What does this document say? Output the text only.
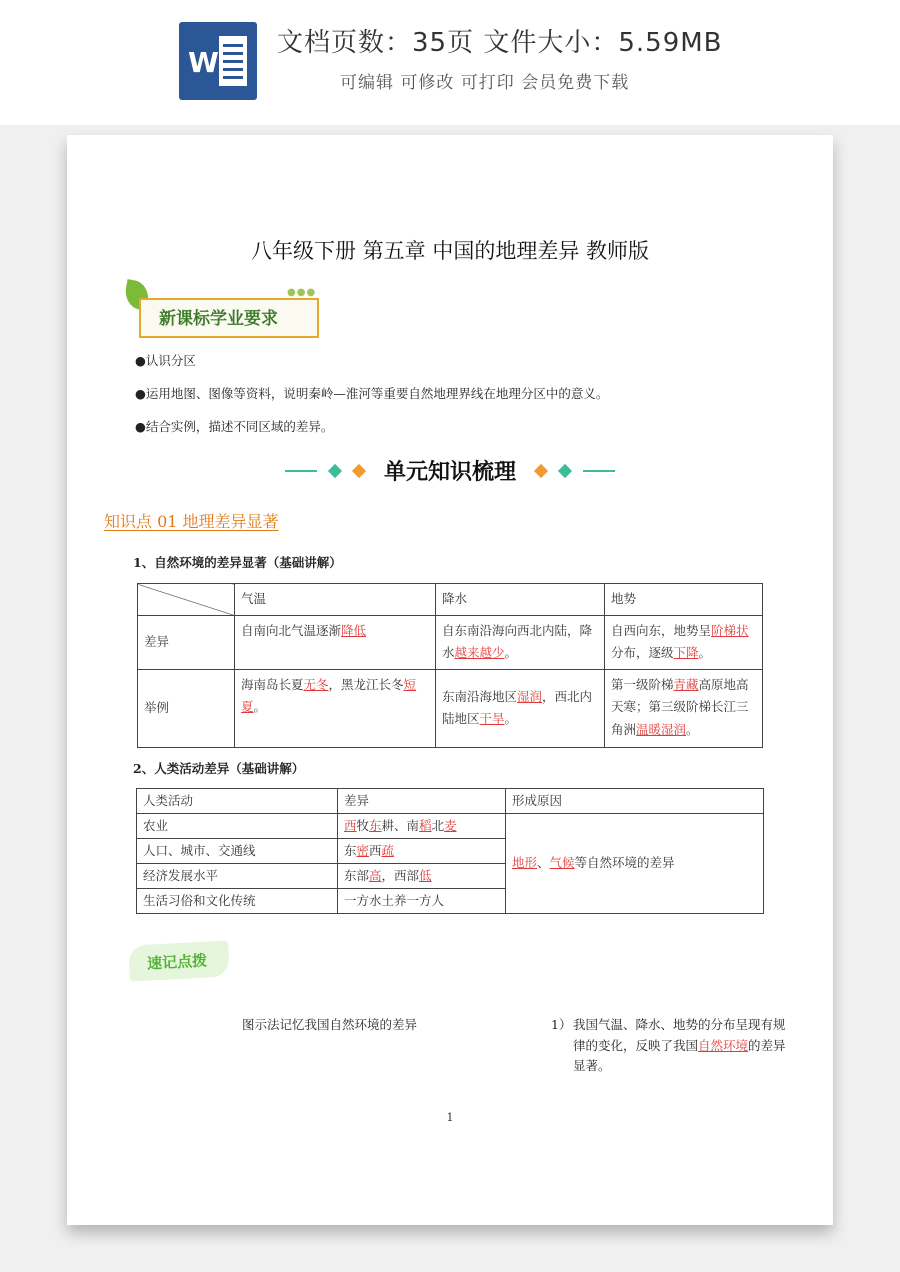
W
文档页数：35页 文件大小：5.59MB
可编辑 可修改 可打印 会员免费下载
八年级下册 第五章 中国的地理差异 教师版
●●●
新课标学业要求
●认识分区
●运用地图、图像等资料，说明秦岭—淮河等重要自然地理界线在地理分区中的意义。
●结合实例，描述不同区域的差异。
单元知识梳理
知识点 01 地理差异显著
1、自然环境的差异显著（基础讲解）
	气温	降水	地势
差异	自南向北气温逐渐降低	自东南沿海向西北内陆，降水越来越少。	自西向东，地势呈阶梯状分布，逐级下降。
举例	海南岛长夏无冬，黑龙江长冬短夏。	东南沿海地区湿润，西北内陆地区干旱。	第一级阶梯青藏高原地高天寒；第三级阶梯长江三角洲温暖湿润。
2、人类活动差异（基础讲解）
人类活动	差异	形成原因
农业	西牧东耕、南稻北麦	地形、气候等自然环境的差异
人口、城市、交通线	东密西疏	
经济发展水平	东部高，西部低	
生活习俗和文化传统	一方水土养一方人	
速记点拨
图示法记忆我国自然环境的差异	1） 我国气温、降水、地势的分布呈现有规律的变化，反映了我国自然环境的差异显著。
1
